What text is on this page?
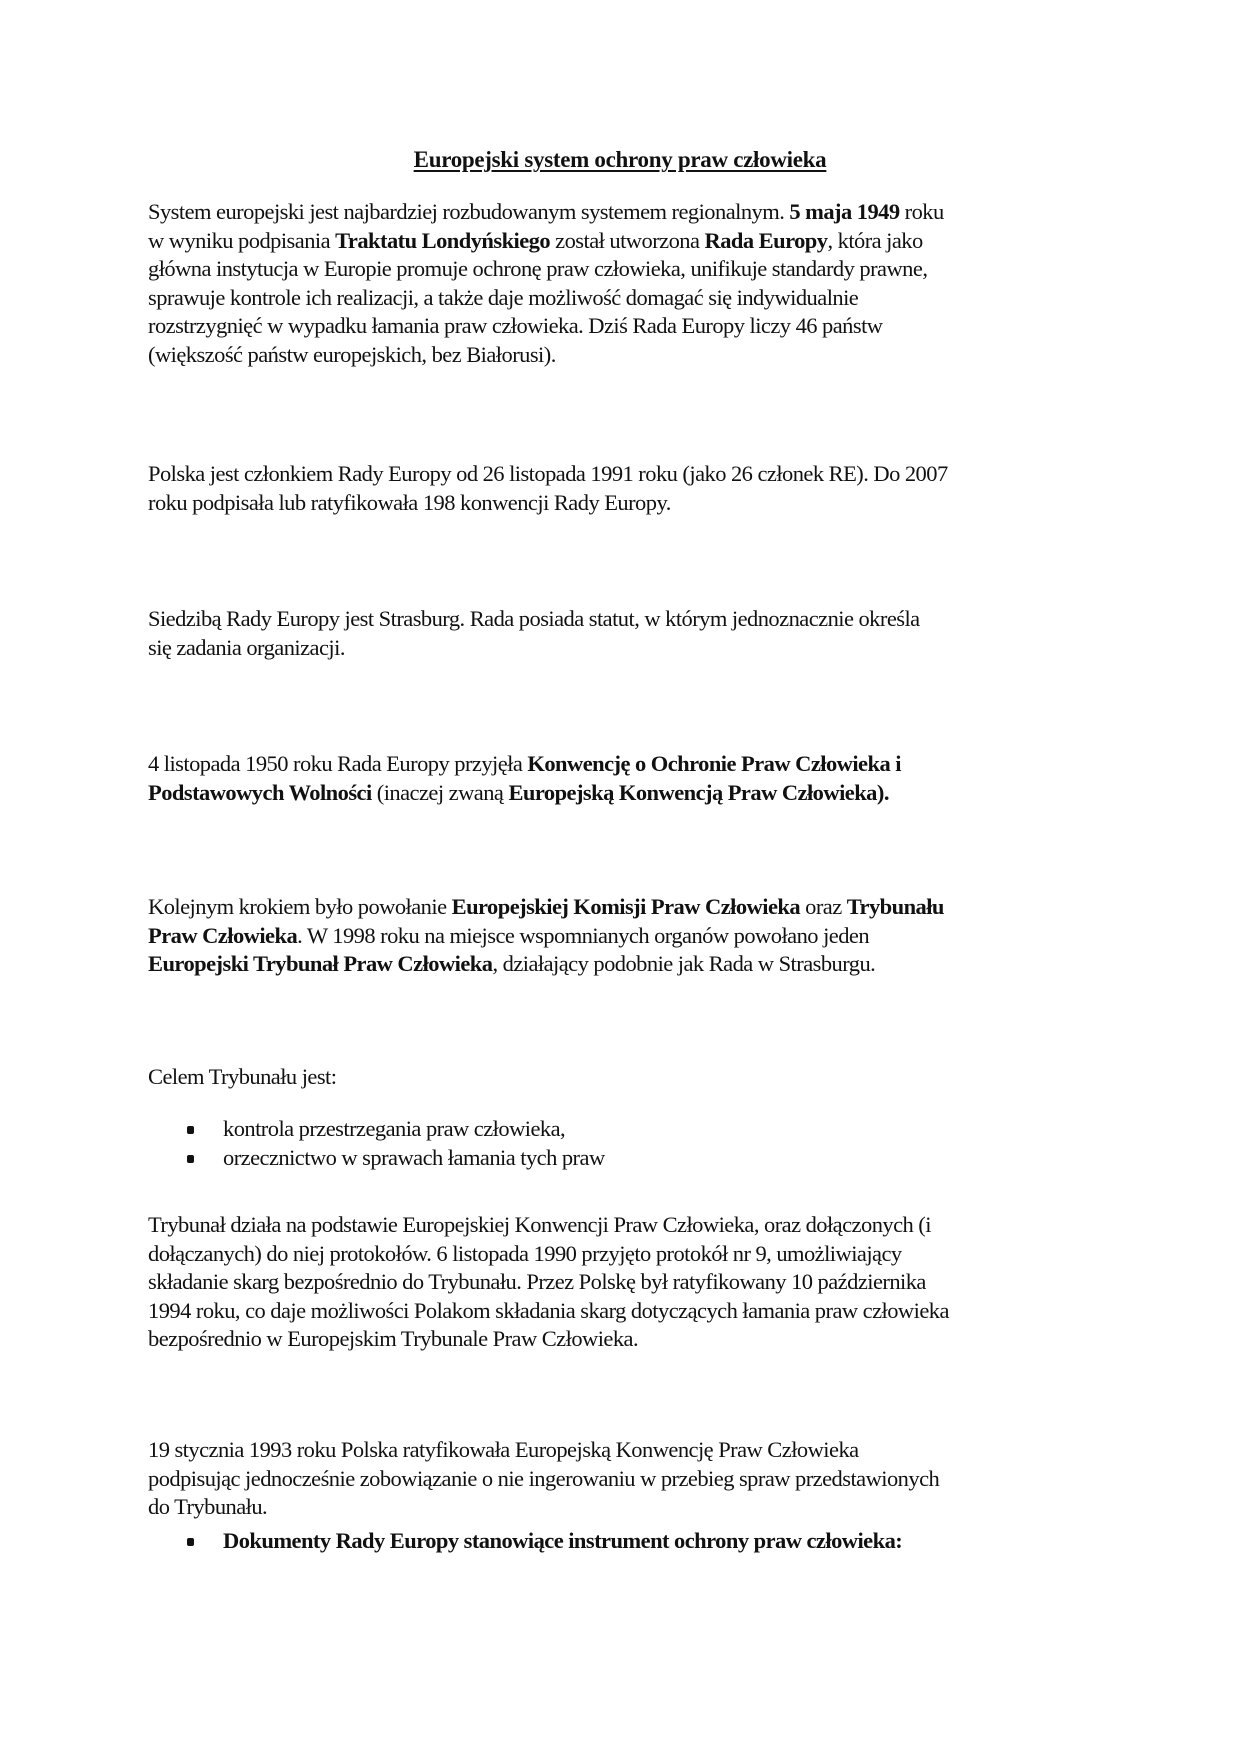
Europejski system ochrony praw człowieka
System europejski jest najbardziej rozbudowanym systemem regionalnym. 5 maja 1949 roku
w wyniku podpisania Traktatu Londyńskiego został utworzona Rada Europy, która jako
główna instytucja w Europie promuje ochronę praw człowieka, unifikuje standardy prawne,
sprawuje kontrole ich realizacji, a także daje możliwość domagać się indywidualnie
rozstrzygnięć w wypadku łamania praw człowieka. Dziś Rada Europy liczy 46 państw
(większość państw europejskich, bez Białorusi).
Polska jest członkiem Rady Europy od 26 listopada 1991 roku (jako 26 członek RE). Do 2007
roku podpisała lub ratyfikowała 198 konwencji Rady Europy.
Siedzibą Rady Europy jest Strasburg. Rada posiada statut, w którym jednoznacznie określa
się zadania organizacji.
4 listopada 1950 roku Rada Europy przyjęła Konwencję o Ochronie Praw Człowieka i
Podstawowych Wolności (inaczej zwaną Europejską Konwencją Praw Człowieka).
Kolejnym krokiem było powołanie Europejskiej Komisji Praw Człowieka oraz Trybunału
Praw Człowieka. W 1998 roku na miejsce wspomnianych organów powołano jeden
Europejski Trybunał Praw Człowieka, działający podobnie jak Rada w Strasburgu.
Celem Trybunału jest:
Trybunał działa na podstawie Europejskiej Konwencji Praw Człowieka, oraz dołączonych (i
dołączanych) do niej protokołów. 6 listopada 1990 przyjęto protokół nr 9, umożliwiający
składanie skarg bezpośrednio do Trybunału. Przez Polskę był ratyfikowany 10 października
1994 roku, co daje możliwości Polakom składania skarg dotyczących łamania praw człowieka
bezpośrednio w Europejskim Trybunale Praw Człowieka.
19 stycznia 1993 roku Polska ratyfikowała Europejską Konwencję Praw Człowieka
podpisując jednocześnie zobowiązanie o nie ingerowaniu w przebieg spraw przedstawionych
do Trybunału.
kontrola przestrzegania praw człowieka,
orzecznictwo w sprawach łamania tych praw
Dokumenty Rady Europy stanowiące instrument ochrony praw człowieka:
